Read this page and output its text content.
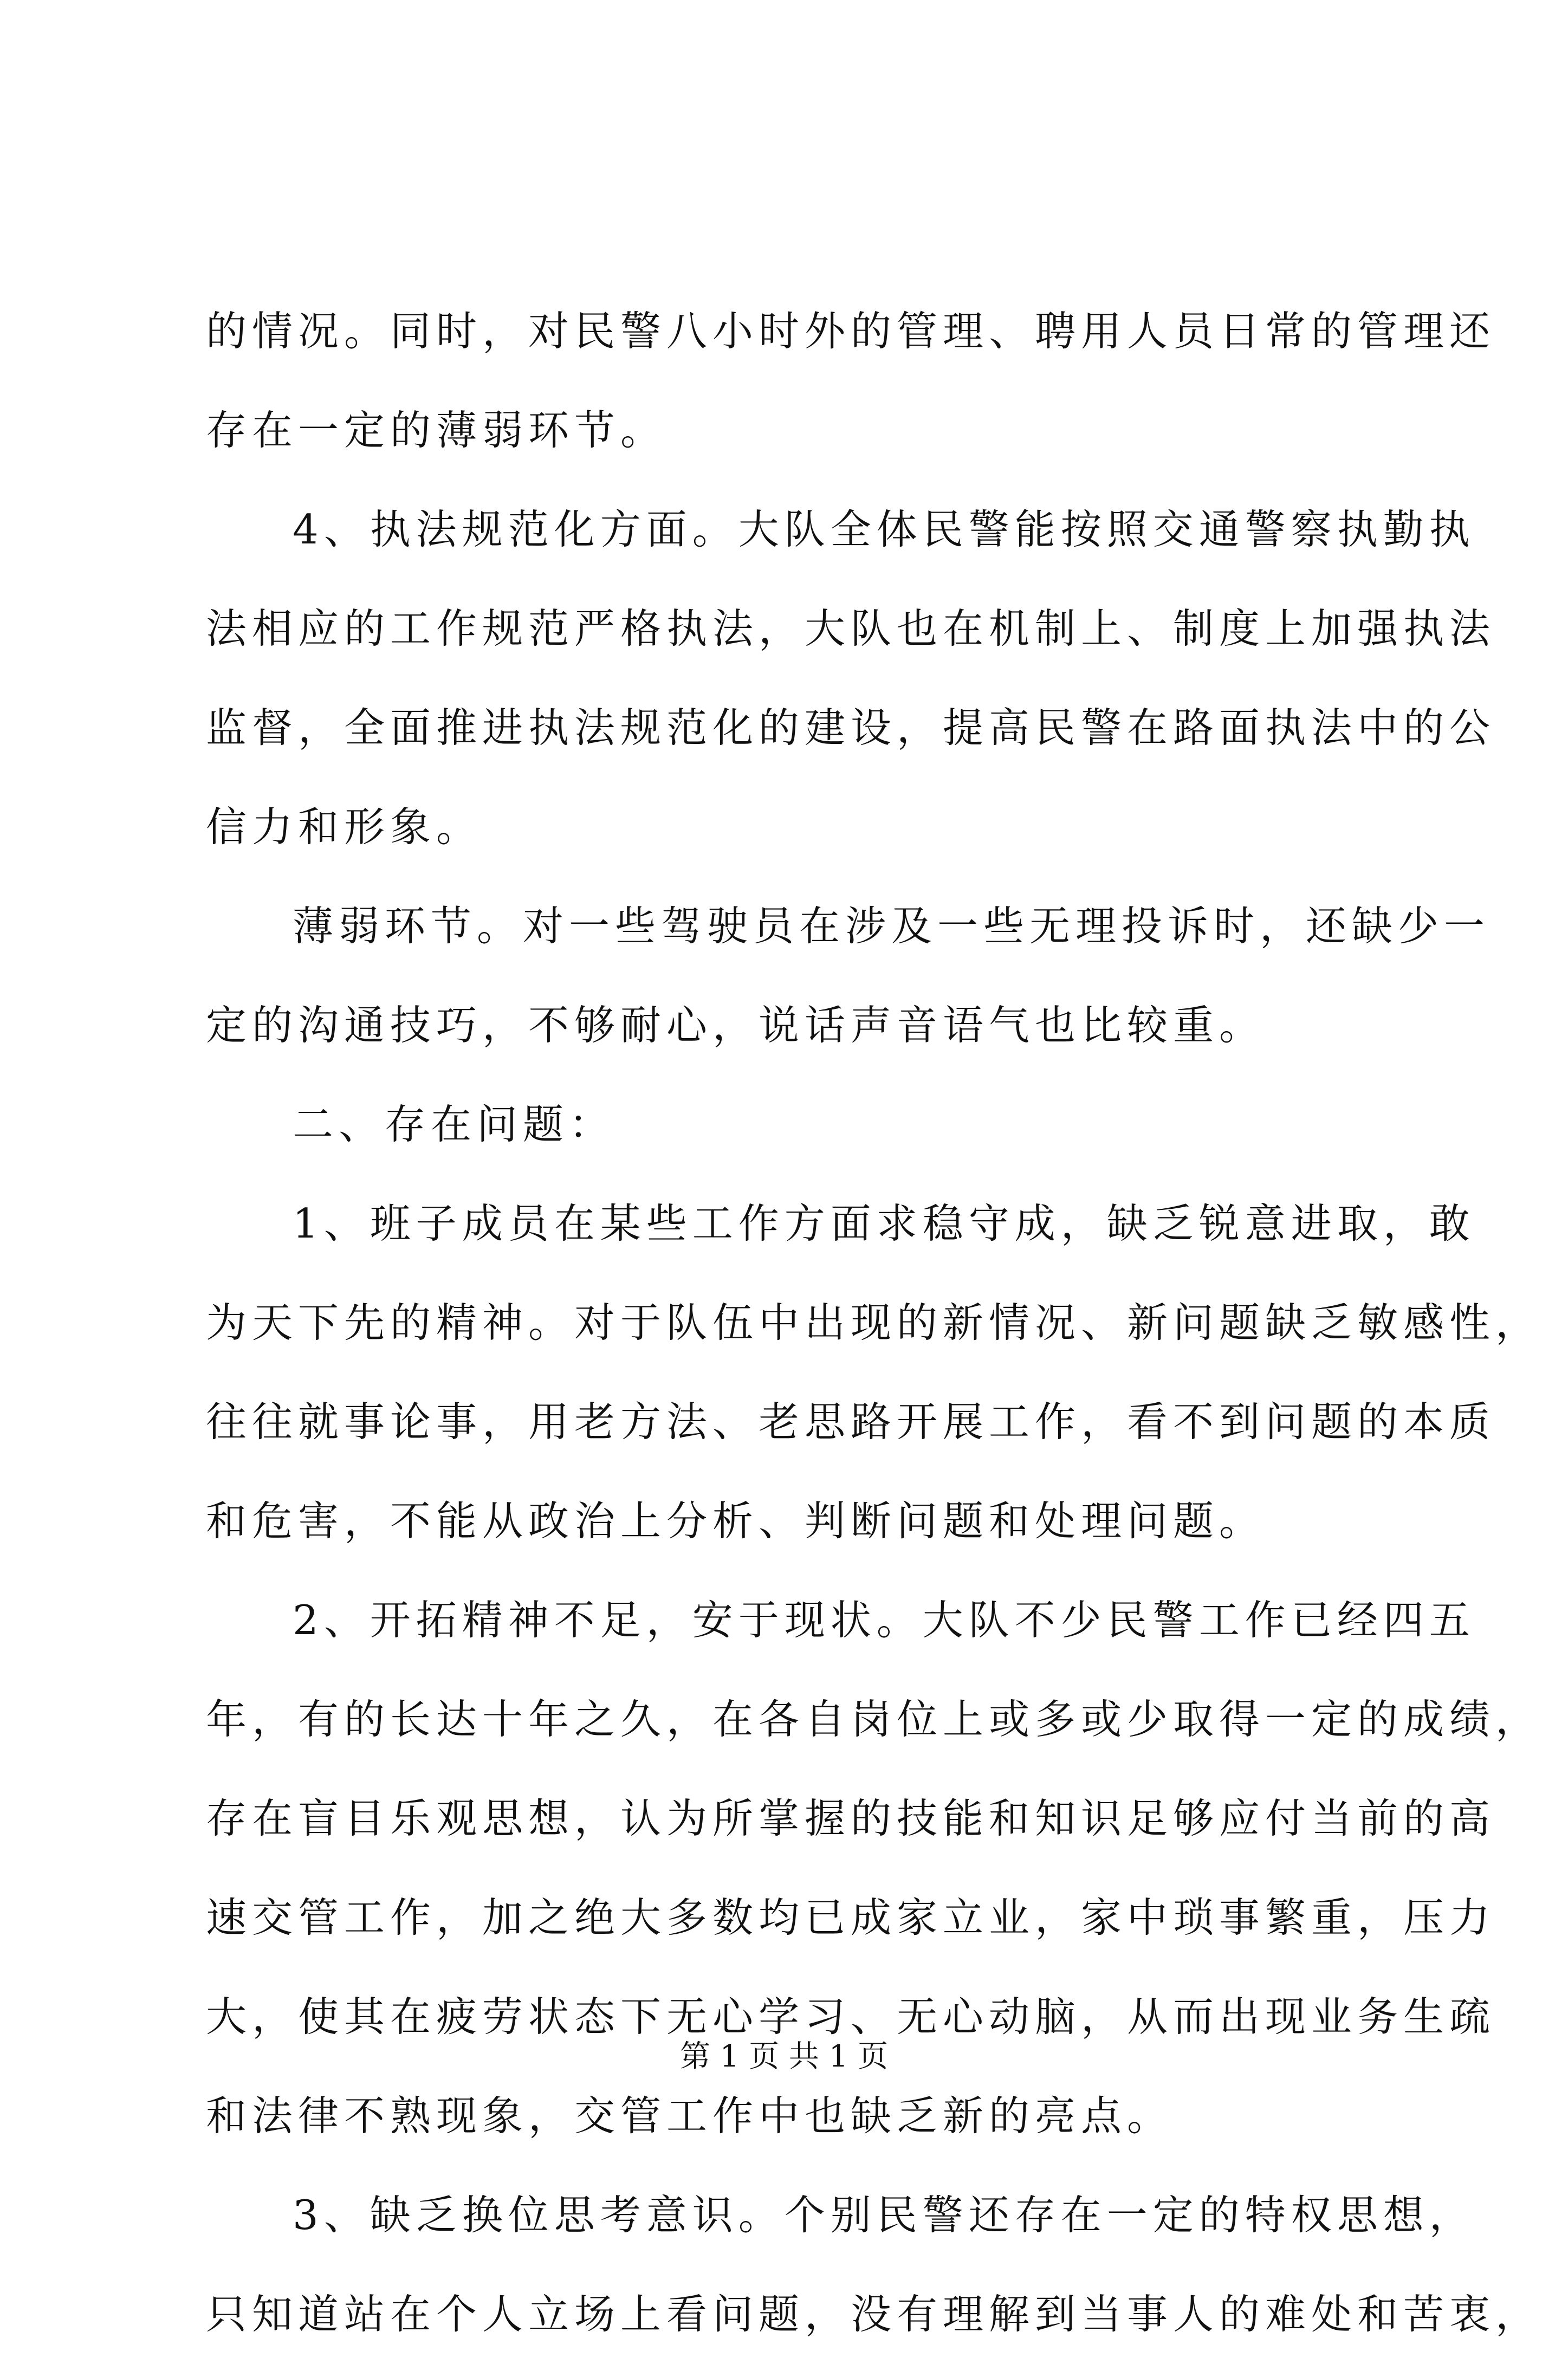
的情况。同时，对民警八小时外的管理、聘用人员日常的管理还
存在一定的薄弱环节。
4、执法规范化方面。大队全体民警能按照交通警察执勤执
法相应的工作规范严格执法，大队也在机制上、制度上加强执法
监督，全面推进执法规范化的建设，提高民警在路面执法中的公
信力和形象。
薄弱环节。对一些驾驶员在涉及一些无理投诉时，还缺少一
定的沟通技巧，不够耐心，说话声音语气也比较重。
二、存在问题：
1、班子成员在某些工作方面求稳守成，缺乏锐意进取，敢
为天下先的精神。对于队伍中出现的新情况、新问题缺乏敏感性，
往往就事论事，用老方法、老思路开展工作，看不到问题的本质
和危害，不能从政治上分析、判断问题和处理问题。
2、开拓精神不足，安于现状。大队不少民警工作已经四五
年，有的长达十年之久，在各自岗位上或多或少取得一定的成绩，
存在盲目乐观思想，认为所掌握的技能和知识足够应付当前的高
速交管工作，加之绝大多数均已成家立业，家中琐事繁重，压力
大，使其在疲劳状态下无心学习、无心动脑，从而出现业务生疏
和法律不熟现象，交管工作中也缺乏新的亮点。
3、缺乏换位思考意识。个别民警还存在一定的特权思想，
只知道站在个人立场上看问题，没有理解到当事人的难处和苦衷，
第 1 页 共 1 页
